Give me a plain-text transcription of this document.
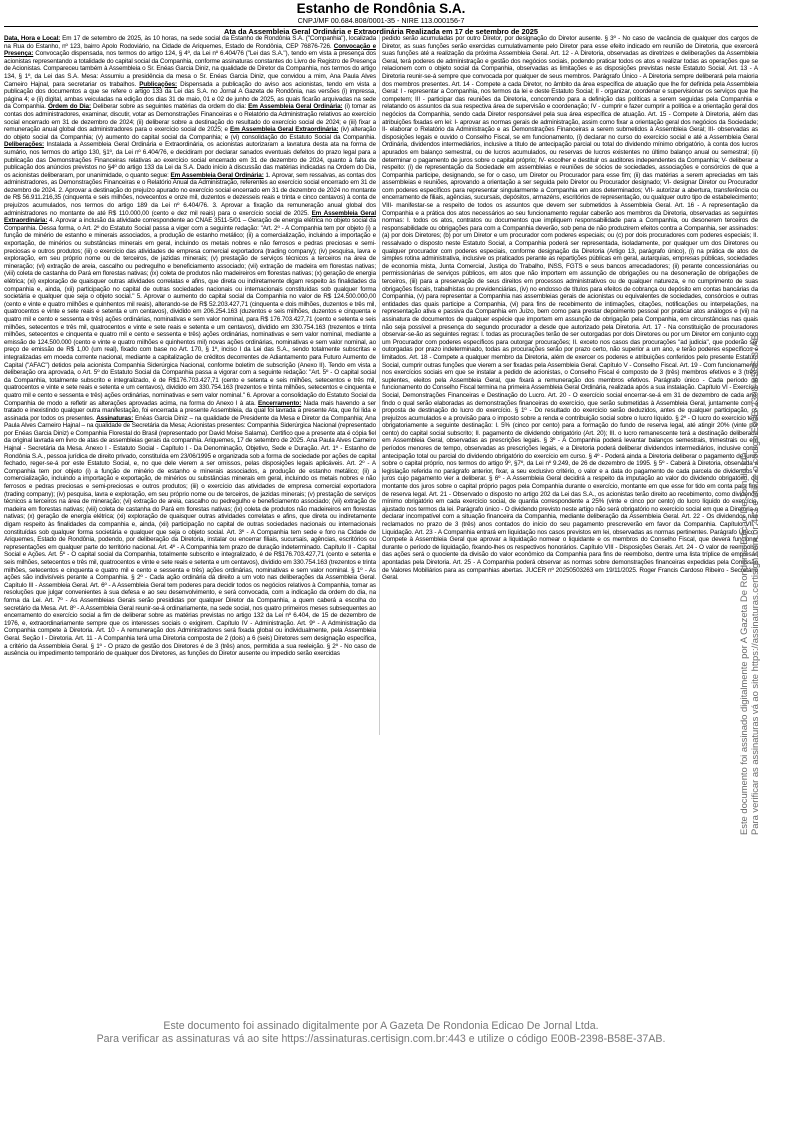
Estanho de Rondônia S.A.
CNPJ/MF 00.684.808/0001-35 - NIRE 113.000156-7
Ata da Assembleia Geral Ordinária e Extraordinária Realizada em 17 de setembro de 2025

Data, Hora e Local: Em 17 de setembro de 2025, às 10 horas, na sede social da Estanho de Rondônia S.A. ("Companhia"), localizada na Rua do Estanho, nº 123, bairro Apolo Rodoviário, na Cidade de Ariquemes, Estado de Rondônia, CEP 76876-726. Convocação e Presença: Convocação dispensada, nos termos do artigo 124, § 4º, da Lei nº 6.404/76 ("Lei das S.A."), tendo em vista a presença dos acionistas representando a totalidade do capital social da Companhia, conforme assinaturas constantes do Livro de Registro de Presença de Acionistas. Compareceu também à Assembleia o Sr. Enéas Garcia Diniz, na qualidade de Diretor da Companhia, nos termos do artigo 134, § 1º, da Lei das S.A. Mesa: Assumiu a presidência da mesa o Sr. Enéas Garcia Diniz, que convidou a mim, Ana Paula Alves Carneiro Hajnal, para secretariar os trabalhos. Publicações: Dispensada a publicação do aviso aos acionistas, tendo em vista a publicação dos documentos a que se refere o artigo 133 da Lei das S.A. no Jornal A Gazeta de Rondônia, nas versões (i) impressa, página 4; e (ii) digital, ambas veiculadas na edição dos dias 31 de maio, 01 e 02 de junho de 2025, as quais ficarão arquivadas na sede da Companhia. Ordem do Dia: Deliberar sobre as seguintes matérias da ordem do dia: Em Assembleia Geral Ordinária: (i) tomar as contas dos administradores, examinar, discutir, votar as Demonstrações Financeiras e o Relatório da Administração relativos ao exercício social encerrado em 31 de dezembro de 2024; (ii) deliberar sobre a destinação do resultado do exercício social de 2024; e (iii) fixar a remuneração anual global dos administradores para o exercício social de 2025; e Em Assembleia Geral Extraordinária: (iv) alteração do objeto social da Companhia; (v) aumento do capital social da Companhia; e (vi) consolidação do Estatuto Social da Companhia. Deliberações: Instalada a Assembleia Geral Ordinária e Extraordinária, os acionistas autorizaram a lavratura desta ata na forma de sumário, nos termos do artigo 130, §1º, da Lei nº 6.404/76, e decidiram por declarar sanados eventuais defeitos do prazo legal para a publicação das Demonstrações Financeiras relativas ao exercício social encerrado em 31 de dezembro de 2024, quanto à falta de publicação dos anúncios previstos no §4º do artigo 133 da Lei da S.A. Dado início à discussão das matérias indicadas na Ordem do Dia, os acionistas deliberaram, por unanimidade, o quanto segue: Em Assembleia Geral Ordinária: 1. Aprovar, sem ressalvas, as contas dos administradores, as Demonstrações Financeiras e o Relatório Anual da Administração, referentes ao exercício social encerrado em 31 de dezembro de 2024. 2. Aprovar a destinação do prejuízo apurado no exercício social encerrado em 31 de dezembro de 2024 no montante de R$ 56.911.216,35 (cinquenta e seis milhões, novecentos e onze mil, duzentos e dezesseis reais e trinta e cinco centavos) à conta de prejuízos acumulados, nos termos do artigo 189 da Lei nº 6.404/76. 3. Aprovar a fixação da remuneração anual global dos administradores no montante de até R$ 110.000,00 (cento e dez mil reais) para o exercício social de 2025. Em Assembleia Geral Extraordinária: 4. Aprovar a inclusão da atividade correspondente ao CNAE 3511-5/01 – Geração de energia elétrica no objeto social da Companhia. Dessa forma, o Art. 2º do Estatuto Social passa a viger com a seguinte redação: "Art. 2º - A Companhia tem por objeto (i) a função de minério de estanho e minerais associados, a produção de estanho metálico; (ii) a comercialização, incluindo a importação e exportação, de minérios ou substâncias minerais em geral, incluindo os metais nobres e não ferrosos e pedras preciosas e semi-preciosas e outros produtos; (iii) o exercício das atividades de empresa comercial exportadora (trading company); (iv) pesquisa, lavra e exploração, em seu próprio nome ou de terceiros, de jazidas minerais; (v) prestação de serviços técnicos a terceiros na área de mineração; (vi) extração de areia, cascalho ou pedregulho e beneficiamento associado; (vii) extração de madeira em florestas nativas; (viii) coleta de castanha do Pará em florestas nativas; (ix) coleta de produtos não madeireiros em florestas nativas; (x) geração de energia elétrica; (xi) exploração de quaisquer outras atividades correlatas e afins, que direta ou indiretamente digam respeito às finalidades da companhia e, ainda, (xii) participação no capital de outras sociedades nacionais ou internacionais constituídas sob qualquer forma societária e qualquer que seja o objeto social." 5. Aprovar o aumento do capital social da Companhia no valor de R$ 124.500.000,00 (cento e vinte e quatro milhões e quinhentos mil reais), alterando-se de R$ 52.203.427,71 (cinquenta e dois milhões, duzentos e três mil, quatrocentos e vinte e sete reais e setenta e um centavos), dividido em 206.254.163 (duzentos e seis milhões, duzentos e cinquenta e quatro mil e cento e sessenta e três) ações ordinárias, nominativas e sem valor nominal, para R$ 176.703.427,71 (cento e setenta e seis milhões, setecentos e três mil, quatrocentos e vinte e sete reais e setenta e um centavos), dividido em 330.754.163 (trezentos e trinta milhões, setecentos e cinquenta e quatro mil e cento e sessenta e três) ações ordinárias, nominativas e sem valor nominal, mediante a emissão de 124.500.000 (cento e vinte e quatro milhões e quinhentos mil) novas ações ordinárias, nominativas e sem valor nominal, ao preço de emissão de R$ 1,00 (um real), fixado com base no Art. 170, § 1º, inciso I da Lei das S.A., sendo totalmente subscritas e integralizadas em moeda corrente nacional, mediante a capitalização de créditos decorrentes de Adiantamento para Futuro Aumento de Capital ("AFAC") detidos pela acionista Companhia Siderúrgica Nacional, conforme boletim de subscrição (Anexo II). Tendo em vista a deliberação ora aprovada, o Art. 5º do Estatuto Social da Companhia passa a vigorar com a seguinte redação: "Art. 5º - O capital social da Companhia, totalmente subscrito e integralizado, é de R$176.703.427,71 (cento e setenta e seis milhões, setecentos e três mil, quatrocentos e vinte e sete reais e setenta e um centavos), dividido em 330.754.163 (trezentos e trinta milhões, setecentos e cinquenta e quatro mil e cento e sessenta e três) ações ordinárias, nominativas e sem valor nominal." 6. Aprovar a consolidação do Estatuto Social da Companhia de modo a refletir as alterações aprovadas acima, na forma do Anexo I à ata. Encerramento: Nada mais havendo a ser tratado e inexistindo qualquer outra manifestação, foi encerrada a presente Assembleia, da qual foi lavrada a presente Ata, que foi lida e assinada por todos os presentes. Assinaturas: Enéas Garcia Diniz – na qualidade de Presidente da Mesa e Diretor da Companhia; Ana Paula Alves Carneiro Hajnal – na qualidade de Secretária da Mesa; Acionistas presentes: Companhia Siderúrgica Nacional (representado por Enéas Garcia Diniz) e Companhia Florestal do Brasil (representado por David Moise Salama). Certifico que a presente ata é cópia fiel da original lavrada em livro de atas de assembleias gerais da companhia. Ariquemes, 17 de setembro de 2025. Ana Paula Alves Carneiro Hajnal - Secretária da Mesa. Anexo I - Estatuto Social - Capítulo I - Da Denominação, Objetivo, Sede e Duração. Art. 1º - Estanho de Rondônia S.A., pessoa jurídica de direito privado, constituída em 23/06/1995 e organizada sob a forma de sociedade por ações de capital fechado, reger-se-á por este Estatuto Social, e, no que dele vierem a ser omissos, pelas disposições legais aplicáveis. Art. 2º - A Companhia tem por objeto (i) a função de minério de estanho e minerais associados, a produção de estanho metálico; (ii) a comercialização, incluindo a importação e exportação, de minérios ou substâncias minerais em geral, incluindo os metais nobres e não ferrosos e pedras preciosas e semi-preciosas e outros produtos; (iii) o exercício das atividades de empresa comercial exportadora (trading company); (iv) pesquisa, lavra e exploração, em seu próprio nome ou de terceiros, de jazidas minerais; (v) prestação de serviços técnicos a terceiros na área de mineração; (vi) extração de areia, cascalho ou pedregulho e beneficiamento associado; (vii) extração de madeira em florestas nativas; (viii) coleta de castanha do Pará em florestas nativas; (ix) coleta de produtos não madeireiros em florestas nativas; (x) geração de energia elétrica; (xi) exploração de quaisquer outras atividades correlatas e afins, que direta ou indiretamente digam respeito às finalidades da companhia e, ainda, (xii) participação no capital de outras sociedades nacionais ou internacionais constituídas sob qualquer forma societária e qualquer que seja o objeto social. Art. 3º - A Companhia tem sede e foro na Cidade de Ariquemes, Estado de Rondônia, podendo, por deliberação da Diretoria, instalar ou encerrar filiais, sucursais, agências, escritórios ou representações em qualquer parte do território nacional. Art. 4º - A Companhia tem prazo de duração indeterminado. Capítulo II - Capital Social e Ações. Art. 5º - O capital social da Companhia, totalmente subscrito e integralizado, é de R$176.703.427,71 (cento e setenta e seis milhões, setecentos e três mil, quatrocentos e vinte e sete reais e setenta e um centavos), dividido em 330.754.163 (trezentos e trinta milhões, setecentos e cinquenta e quatro mil e cento e sessenta e três) ações ordinárias, nominativas e sem valor nominal. § 1º - As ações são indivisíveis perante a Companhia. § 2º - Cada ação ordinária dá direito a um voto nas deliberações da Assembleia Geral. Capítulo III - Assembleia Geral. Art. 6º - A Assembleia Geral tem poderes para decidir todos os negócios relativos à Companhia, tomar as resoluções que julgar convenientes à sua defesa e ao seu desenvolvimento, e será convocada, com a indicação da ordem do dia, na forma da Lei. Art. 7º - As Assembleias Gerais serão presididas por qualquer Diretor da Companhia, a quem caberá a escolha do secretário da Mesa. Art. 8º - A Assembleia Geral reunir-se-á ordinariamente, na sede social, nos quatro primeiros meses subsequentes ao encerramento do exercício social a fim de deliberar sobre as matérias previstas no artigo 132 da Lei nº 6.404, de 15 de dezembro de 1976, e, extraordinariamente sempre que os interesses sociais o exigirem. Capítulo IV - Administração. Art. 9º - A Administração da Companhia compete à Diretoria. Art. 10 - A remuneração dos Administradores será fixada global ou individualmente, pela Assembleia Geral. Seção I - Diretoria. Art. 11 - A Companhia terá uma Diretoria composta de 2 (dois) a 6 (seis) Diretores sem designação específica, a critério da Assembleia Geral. § 1º - O prazo de gestão dos Diretores é de 3 (três) anos, permitida a sua reeleição. § 2º - No caso de ausência ou impedimento temporário de qualquer dos Diretores, as funções do Diretor ausente ou impedido serão exercidas

pedido serão acumuladas por outro Diretor, por designação do Diretor ausente. § 3º - No caso de vacância de qualquer dos cargos de Diretor, as suas funções serão exercidas cumulativamente pelo Diretor para esse efeito indicado em reunião de Diretoria, que exercerá suas funções até a realização da próxima Assembleia Geral. Art. 12 - A Diretoria, observadas as diretrizes e deliberações da Assembleia Geral, terá poderes de administração e gestão dos negócios sociais, podendo praticar todos os atos e realizar todas as operações que se relacionem com o objeto social da Companhia, observadas as limitações e as disposições previstas neste Estatuto Social. Art. 13 - A Diretoria reunir-se-á sempre que convocada por qualquer de seus membros. Parágrafo Único - A Diretoria sempre deliberará pela maioria dos membros presentes. Art. 14 - Compete a cada Diretor, no âmbito da área específica de atuação que lhe for definida pela Assembleia Geral: I - representar a Companhia, nos termos da lei e deste Estatuto Social; II - organizar, coordenar e supervisionar os serviços que lhe competem; III - participar das reuniões da Diretoria, concorrendo para a definição das políticas a serem seguidas pela Companhia e relatando os assuntos da sua respectiva área de supervisão e coordenação; IV - cumprir e fazer cumprir a política e a orientação geral dos negócios da Companhia, sendo cada Diretor responsável pela sua área específica de atuação. Art. 15 - Compete à Diretoria, além das atribuições fixadas em lei: I- aprovar as normas gerais de administração, assim como fixar a orientação geral dos negócios da Sociedade; II- elaborar o Relatório da Administração e as Demonstrações Financeiras a serem submetidos à Assembleia Geral; III- observadas as disposições legais e ouvido o Conselho Fiscal, se em funcionamento, (i) declarar no curso do exercício social e até a Assembleia Geral Ordinária, dividendos intermediários, inclusive a título de antecipação parcial ou total do dividendo mínimo obrigatório, à conta dos lucros apurados em balanço semestral, ou de lucros acumulados, ou reservas de lucros existentes no último balanço anual ou semestral; (ii) determinar o pagamento de juros sobre o capital próprio; IV- escolher e destituir os auditores independentes da Companhia; V- deliberar a respeito: (i) de representação da Sociedade em assembleias e reuniões de sócios de sociedades, associações e consórcios de que a Companhia participe, designando, se for o caso, um Diretor ou Procurador para esse fim; (ii) das matérias a serem apreciadas em tais assembleias e reuniões, aprovando a orientação a ser seguida pelo Diretor ou Procurador designado; VI- designar Diretor ou Procurador com poderes específicos para representar singularmente a Companhia em atos determinados; VII- autorizar a abertura, transferência ou encerramento de filiais, agências, sucursais, depósitos, armazéns, escritórios de representação, ou qualquer outro tipo de estabelecimento; VIII- manifestar-se a respeito de todos os assuntos que devem ser submetidos à Assembleia Geral. Art. 16 - A representação da Companhia e a prática dos atos necessários ao seu funcionamento regular caberão aos membros da Diretoria, observadas as seguintes normas: I. todos os atos, contratos ou documentos que impliquem responsabilidade para a Companhia, ou desonerem terceiros de responsabilidade ou obrigações para com a Companhia deverão, sob pena de não produzirem efeitos contra a Companhia, ser assinados: (a) por dois Diretores; (b) por um Diretor e um procurador com poderes especiais; ou (c) por dois procuradores com poderes especiais; II. ressalvado o disposto neste Estatuto Social, a Companhia poderá ser representada, isoladamente, por qualquer um dos Diretores ou qualquer procurador com poderes especiais, conforme designação da Diretoria (Artigo 13, parágrafo único), (i) na prática de atos de simples rotina administrativa, inclusive os praticados perante as repartições públicas em geral, autarquias, empresas públicas, sociedades de economia mista, Junta Comercial, Justiça do Trabalho, INSS, FGTS e seus bancos arrecadadores; (ii) perante concessionárias ou permissionárias de serviços públicos, em atos que não importem em assunção de obrigações ou na desoneração de obrigações de terceiros, (iii) para a preservação de seus direitos em processos administrativos ou de qualquer natureza, e no cumprimento de suas obrigações fiscais, trabalhistas ou previdenciárias, (iv) no endosso de títulos para efeitos de cobrança ou depósito em contas bancárias da Companhia, (v) para representar a Companhia nas assembleias gerais de acionistas ou equivalentes de sociedades, consórcios e outras entidades das quais participe a Companhia, (vi) para fins de recebimento de intimações, citações, notificações ou interpelações, na representação ativa e passiva da Companhia em Juízo, bem como para prestar depoimento pessoal por praticar atos análogos e (vii) na assinatura de documentos de qualquer espécie que importem em assunção de obrigação pela Companhia, em circunstâncias nas quais não seja possível a presença do segundo procurador a desde que autorizado pela Diretoria. Art. 17 - Na constituição de procuradores observar-se-ão as seguintes regras: I. todas as procurações terão de ser outorgadas por dois Diretores ou por um Diretor em conjunto com um Procurador com poderes específicos para outorgar procurações; II. exceto nos casos das procurações "ad judicia", que poderão ser outorgadas por prazo indeterminado, todas as procurações serão por prazo certo, não superior a um ano, e terão poderes específicos e limitados. Art. 18 - Compete a qualquer membro da Diretoria, além de exercer os poderes e atribuições conferidos pelo presente Estatuto Social, cumprir outras funções que vierem a ser fixadas pela Assembleia Geral. Capítulo V - Conselho Fiscal. Art. 19 - Com funcionamento nos exercícios sociais em que se instalar a pedido de acionistas, o Conselho Fiscal é composto de 3 (três) membros efetivos e 3 (três) suplentes, eleitos pela Assembleia Geral, que fixará a remuneração dos membros efetivos. Parágrafo único - Cada período de funcionamento do Conselho Fiscal termina na primeira Assembleia Geral Ordinária, realizada após a sua instalação. Capítulo VI - Exercício Social, Demonstrações Financeiras e Destinação do Lucro. Art. 20 - O exercício social encerrar-se-á em 31 de dezembro de cada ano, findo o qual serão elaboradas as demonstrações financeiras do exercício, que serão submetidas à Assembleia Geral, juntamente com a proposta de destinação do lucro do exercício. § 1º - Do resultado do exercício serão deduzidos, antes de qualquer participação, os prejuízos acumulados e a provisão para o imposto sobre a renda e contribuição social sobre o lucro líquido. § 2º - O lucro do exercício terá obrigatoriamente a seguinte destinação: I. 5% (cinco por cento) para a formação do fundo de reserva legal, até atingir 20% (vinte por cento) do capital social subscrito; II. pagamento de dividendo obrigatório (Art. 20); III. o lucro remanescente terá a destinação deliberada em Assembleia Geral, observadas as prescrições legais. § 3º - A Companhia poderá levantar balanços semestrais, trimestrais ou em períodos menores de tempo, observadas as prescrições legais, e a Diretoria poderá deliberar dividendos intermediários, inclusive como antecipação total ou parcial do dividendo obrigatório do exercício em curso. § 4º - Poderá ainda a Diretoria deliberar o pagamento de juros sobre o capital próprio, nos termos do artigo 9º, §7º, da Lei nº 9.249, de 26 de dezembro de 1995. § 5º - Caberá à Diretoria, observada a legislação referida no parágrafo anterior, fixar, a seu exclusivo critério, o valor e a data do pagamento de cada parcela de dividendos e juros cujo pagamento vier a deliberar. § 6º - A Assembleia Geral decidirá a respeito da imputação ao valor do dividendo obrigatório, do montante dos juros sobre o capital próprio pagos pela Companhia durante o exercício, montante em que esse for tido em conta para fins de reserva legal. Art. 21 - Observado o disposto no artigo 202 da Lei das S.A., os acionistas terão direito ao recebimento, como dividendo mínimo obrigatório em cada exercício social, de quantia correspondente a 25% (vinte e cinco por cento) do lucro líquido do exercício, ajustado nos termos da lei. Parágrafo único - O dividendo previsto neste artigo não será obrigatório no exercício social em que a Diretoria o declarar incompatível com a situação financeira da Companhia, mediante deliberação da Assembleia Geral. Art. 22 - Os dividendos não reclamados no prazo de 3 (três) anos contados do início do seu pagamento prescreverão em favor da Companhia. Capítulo VII - Liquidação. Art. 23 - A Companhia entrará em liquidação nos casos previstos em lei, observadas as normas pertinentes. Parágrafo Único - Compete à Assembleia Geral que aprovar a liquidação nomear o liquidante e os membros do Conselho Fiscal, que deverá funcionar durante o período de liquidação, fixando-lhes os respectivos honorários. Capítulo VIII - Disposições Gerais. Art. 24 - O valor de reembolso das ações será o quociente da divisão do valor econômico da Companhia para fins de reembolso, dentre uma lista tríplice de empresas apontadas pela Diretoria. Art. 25 - A Companhia poderá observar as normas sobre demonstrações financeiras expedidas pela Comissão de Valores Mobiliários para as companhias abertas. JUCER nº 20250503263 em 19/11/2025. Roger Francis Cardoso Ribeiro - Secretário Geral.	Este documento foi assinado digitalmente por A Gazeta De Rondonia Edicao De Jornal Ltda. Para verificar as assinaturas vá ao site https://assinaturas.certisign.com.br:443 e utilize o código E00B-2398-B58E-37AB.
Este documento foi assinado digitalmente por A Gazeta De Rondonia Edicao De Jornal Ltda.
Para verificar as assinaturas vá ao site https://assinaturas.certisign.com.br:443 e utilize o código E00B-2398-B58E-37AB.
